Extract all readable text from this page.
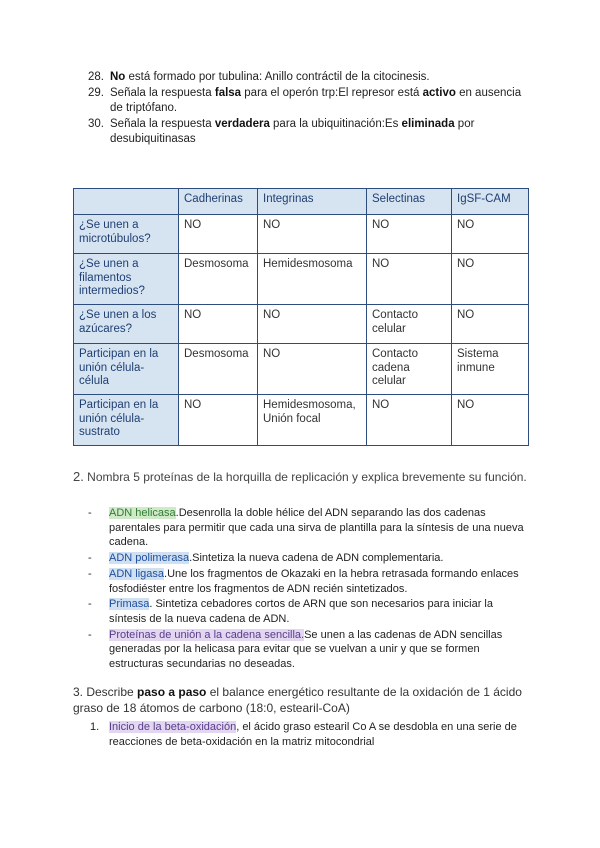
28. No está formado por tubulina: Anillo contráctil de la citocinesis.
29. Señala la respuesta falsa para el operón trp:El represor está activo en ausencia de triptófano.
30. Señala la respuesta verdadera para la ubiquitinación:Es eliminada por desubiquitinasas
	Cadherinas	Integrinas	Selectinas	IgSF-CAM
¿Se unen a microtúbulos?	NO	NO	NO	NO
¿Se unen a filamentos intermedios?	Desmosoma	Hemidesmosoma	NO	NO
¿Se unen a los azúcares?	NO	NO	Contacto celular	NO
Participan en la unión célula-célula	Desmosoma	NO	Contacto cadena celular	Sistema inmune
Participan en la unión célula-sustrato	NO	Hemidesmosoma, Unión focal	NO	NO
2. Nombra 5 proteínas de la horquilla de replicación y explica brevemente su función.
-	ADN helicasa.Desenrolla la doble hélice del ADN separando las dos cadenas parentales para permitir que cada una sirva de plantilla para la síntesis de una nueva cadena.
-	ADN polimerasa.Sintetiza la nueva cadena de ADN complementaria.
-	ADN ligasa.Une los fragmentos de Okazaki en la hebra retrasada formando enlaces fosfodiéster entre los fragmentos de ADN recién sintetizados.
-	Primasa. Sintetiza cebadores cortos de ARN que son necesarios para iniciar la síntesis de la nueva cadena de ADN.
-	Proteínas de unión a la cadena sencilla.Se unen a las cadenas de ADN sencillas generadas por la helicasa para evitar que se vuelvan a unir y que se formen estructuras secundarias no deseadas.
3. Describe paso a paso el balance energético resultante de la oxidación de 1 ácido graso de 18 átomos de carbono (18:0, estearil-CoA)
1. Inicio de la beta-oxidación, el ácido graso estearil Co A se desdobla en una serie de reacciones de beta-oxidación en la matriz mitocondrial
